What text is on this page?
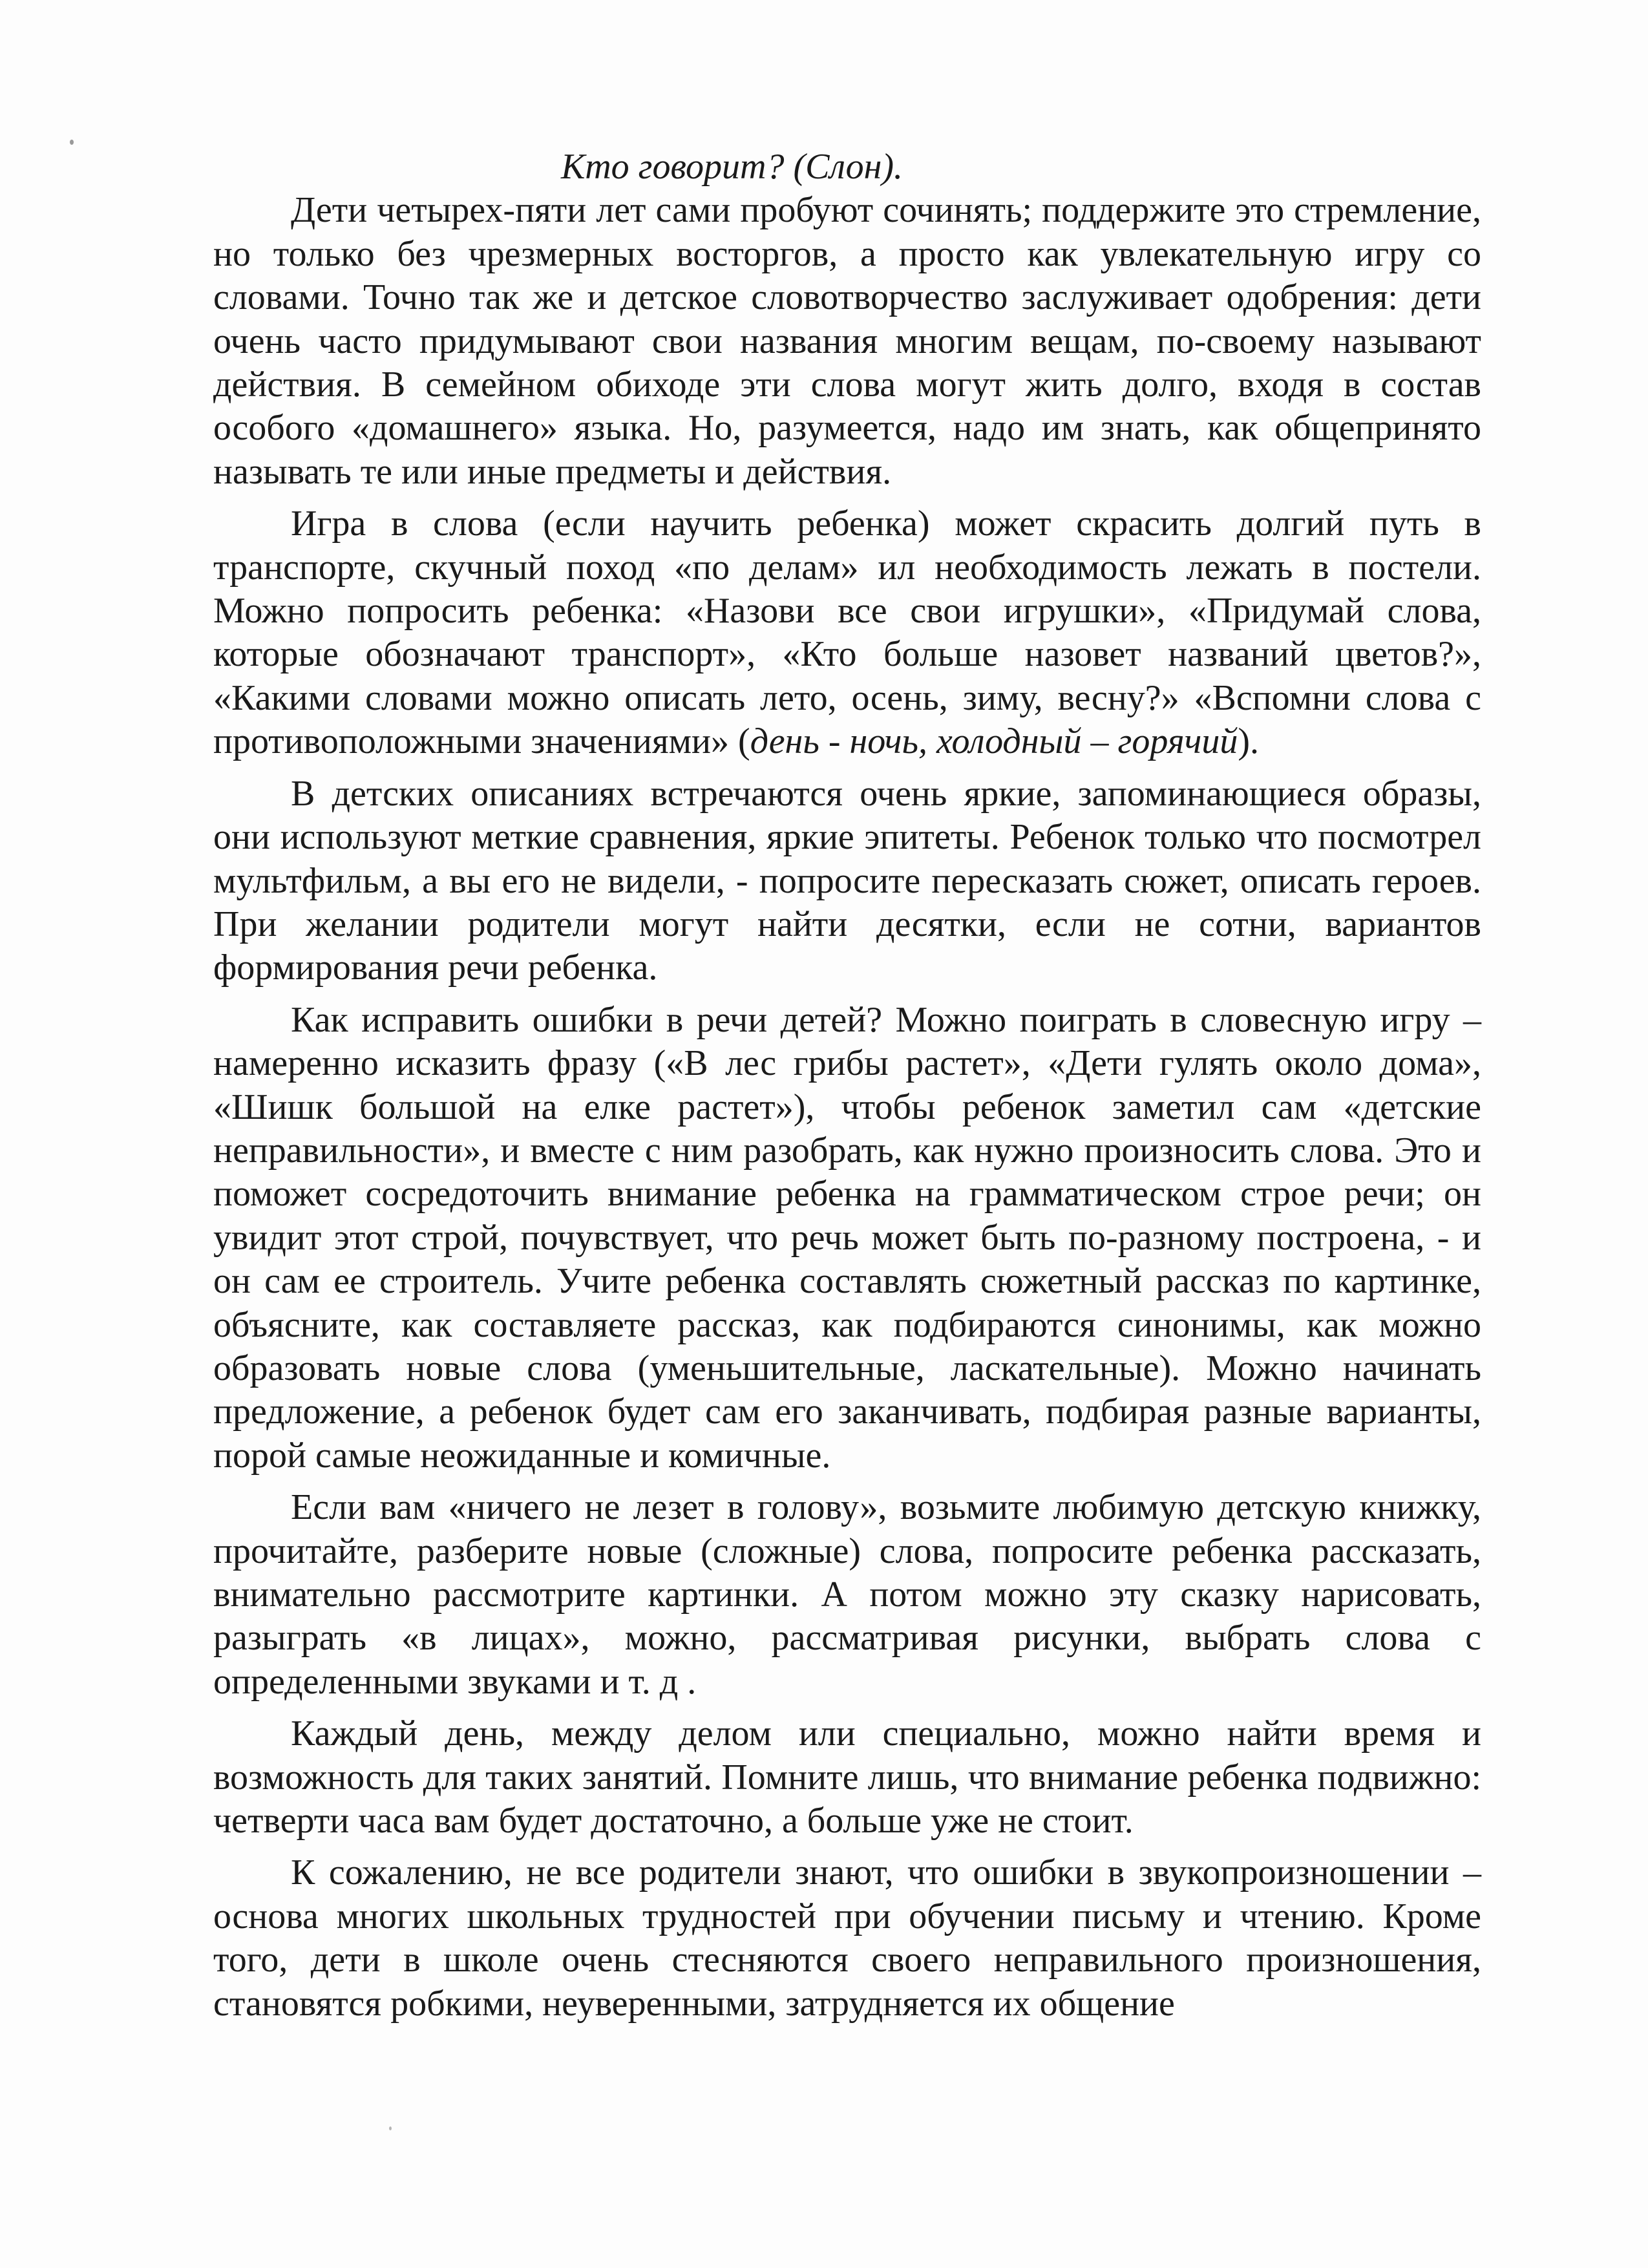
Кто говорит? (Слон).

Дети четырех-пяти лет сами пробуют сочинять; поддержите это стремление, но только без чрезмерных восторгов, а просто как увлекательную игру со словами. Точно так же и детское словотворчество заслуживает одобрения: дети очень часто придумывают свои названия многим вещам, по-своему называют действия. В семейном обиходе эти слова могут жить долго, входя в состав особого «домашнего» языка. Но, разумеется, надо им знать, как общепринято называть те или иные предметы и действия.

Игра в слова (если научить ребенка) может скрасить долгий путь в транспорте, скучный поход «по делам» ил необходимость лежать в постели. Можно попросить ребенка: «Назови все свои игрушки», «Придумай слова, которые обозначают транспорт», «Кто больше назовет названий цветов?», «Какими словами можно описать лето, осень, зиму, весну?» «Вспомни слова с противоположными значениями» (день - ночь, холодный – горячий).

В детских описаниях встречаются очень яркие, запоминающиеся образы, они используют меткие сравнения, яркие эпитеты. Ребенок только что посмотрел мультфильм, а вы его не видели, - попросите пересказать сюжет, описать героев. При желании родители могут найти десятки, если не сотни, вариантов формирования речи ребенка.

Как исправить ошибки в речи детей? Можно поиграть в словесную игру – намеренно исказить фразу («В лес грибы растет», «Дети гулять около дома», «Шишк большой на елке растет»), чтобы ребенок заметил сам «детские неправильности», и вместе с ним разобрать, как нужно произносить слова. Это и поможет сосредоточить внимание ребенка на грамматическом строе речи; он увидит этот строй, почувствует, что речь может быть по-разному построена, - и он сам ее строитель. Учите ребенка составлять сюжетный рассказ по картинке, объясните, как составляете рассказ, как подбираются синонимы, как можно образовать новые слова (уменьшительные, ласкательные). Можно начинать предложение, а ребенок будет сам его заканчивать, подбирая разные варианты, порой самые неожиданные и комичные.

Если вам «ничего не лезет в голову», возьмите любимую детскую книжку, прочитайте, разберите новые (сложные) слова, попросите ребенка рассказать, внимательно рассмотрите картинки. А потом можно эту сказку нарисовать, разыграть «в лицах», можно, рассматривая рисунки, выбрать слова с определенными звуками и т. д .

Каждый день, между делом или специально, можно найти время и возможность для таких занятий. Помните лишь, что внимание ребенка подвижно: четверти часа вам будет достаточно, а больше уже не стоит.

К сожалению, не все родители знают, что ошибки в звукопроизношении – основа многих школьных трудностей при обучении письму и чтению. Кроме того, дети в школе очень стесняются своего неправильного произношения, становятся робкими, неуверенными, затрудняется их общение
